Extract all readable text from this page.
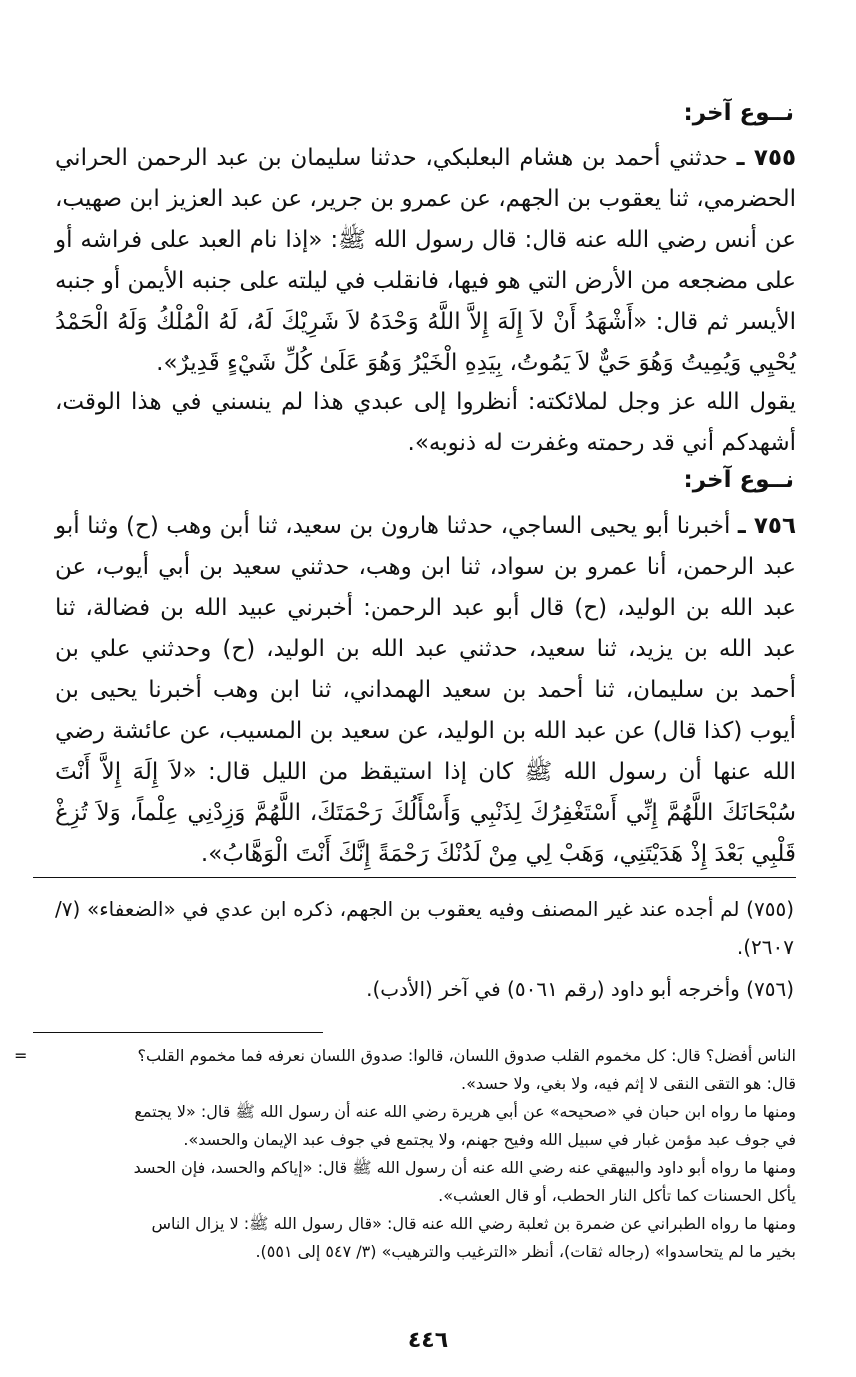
نــوع آخر:

٧٥٥ ـ حدثني أحمد بن هشام البعلبكي، حدثنا سليمان بن عبد الرحمن الحراني الحضرمي، ثنا يعقوب بن الجهم، عن عمرو بن جرير، عن عبد العزيز ابن صهيب، عن أنس رضي الله عنه قال: قال رسول الله ﷺ: «إذا نام العبد على فراشه أو على مضجعه من الأرض التي هو فيها، فانقلب في ليلته على جنبه الأيمن أو جنبه الأيسر ثم قال: «أَشْهَدُ أَنْ لاَ إِلَهَ إِلاَّ اللَّهُ وَحْدَهُ لاَ شَرِيْكَ لَهُ، لَهُ الْمُلْكُ وَلَهُ الْحَمْدُ يُحْيِي وَيُمِيتُ وَهُوَ حَيٌّ لاَ يَمُوتُ، بِيَدِهِ الْخَيْرُ وَهُوَ عَلَىٰ كُلِّ شَيْءٍ قَدِيرٌ».

يقول الله عز وجل لملائكته: أنظروا إلى عبدي هذا لم ينسني في هذا الوقت، أشهدكم أني قد رحمته وغفرت له ذنوبه».

نــوع آخر:

٧٥٦ ـ أخبرنا أبو يحيى الساجي، حدثنا هارون بن سعيد، ثنا أبن وهب (ح) وثنا أبو عبد الرحمن، أنا عمرو بن سواد، ثنا ابن وهب، حدثني سعيد بن أبي أيوب، عن عبد الله بن الوليد، (ح) قال أبو عبد الرحمن: أخبرني عبيد الله بن فضالة، ثنا عبد الله بن يزيد، ثنا سعيد، حدثني عبد الله بن الوليد، (ح) وحدثني علي بن أحمد بن سليمان، ثنا أحمد بن سعيد الهمداني، ثنا ابن وهب أخبرنا يحيى بن أيوب (كذا قال) عن عبد الله بن الوليد، عن سعيد بن المسيب، عن عائشة رضي الله عنها أن رسول الله ﷺ كان إذا استيقظ من الليل قال: «لاَ إِلَهَ إِلاَّ أَنْتَ سُبْحَانَكَ اللَّهُمَّ إِنِّي أَسْتَغْفِرُكَ لِذَنْبِي وَأَسْأَلُكَ رَحْمَتَكَ، اللَّهُمَّ وَزِدْنِي عِلْماً، وَلاَ تُزِغْ قَلْبِي بَعْدَ إِذْ هَدَيْتَنِي، وَهَبْ لِي مِنْ لَدُنْكَ رَحْمَةً إِنَّكَ أَنْتَ الْوَهَّابُ».

(٧٥٥) لم أجده عند غير المصنف وفيه يعقوب بن الجهم، ذكره ابن عدي في «الضعفاء» (٧/ ٢٦٠٧).

(٧٥٦) وأخرجه أبو داود (رقم ٥٠٦١) في آخر (الأدب).

=	الناس أفضل؟ قال: كل مخموم القلب صدوق اللسان، قالوا: صدوق اللسان نعرفه فما مخموم القلب؟
قال: هو التقى النقى لا إثم فيه، ولا بغي، ولا حسد».
ومنها ما رواه ابن حبان في «صحيحه» عن أبي هريرة رضي الله عنه أن رسول الله ﷺ قال: «لا يجتمع
في جوف عبد مؤمن غبار في سبيل الله وفيح جهنم، ولا يجتمع في جوف عبد الإيمان والحسد».
ومنها ما رواه أبو داود والبيهقي عنه رضي الله عنه أن رسول الله ﷺ قال: «إياكم والحسد، فإن الحسد
يأكل الحسنات كما تأكل النار الحطب، أو قال العشب».
ومنها ما رواه الطبراني عن ضمرة بن ثعلبة رضي الله عنه قال: «قال رسول الله ﷺ: لا يزال الناس
بخير ما لم يتحاسدوا» (رجاله ثقات)، أنظر «الترغيب والترهيب» (٣/ ٥٤٧ إلى ٥٥١).
٤٤٦
